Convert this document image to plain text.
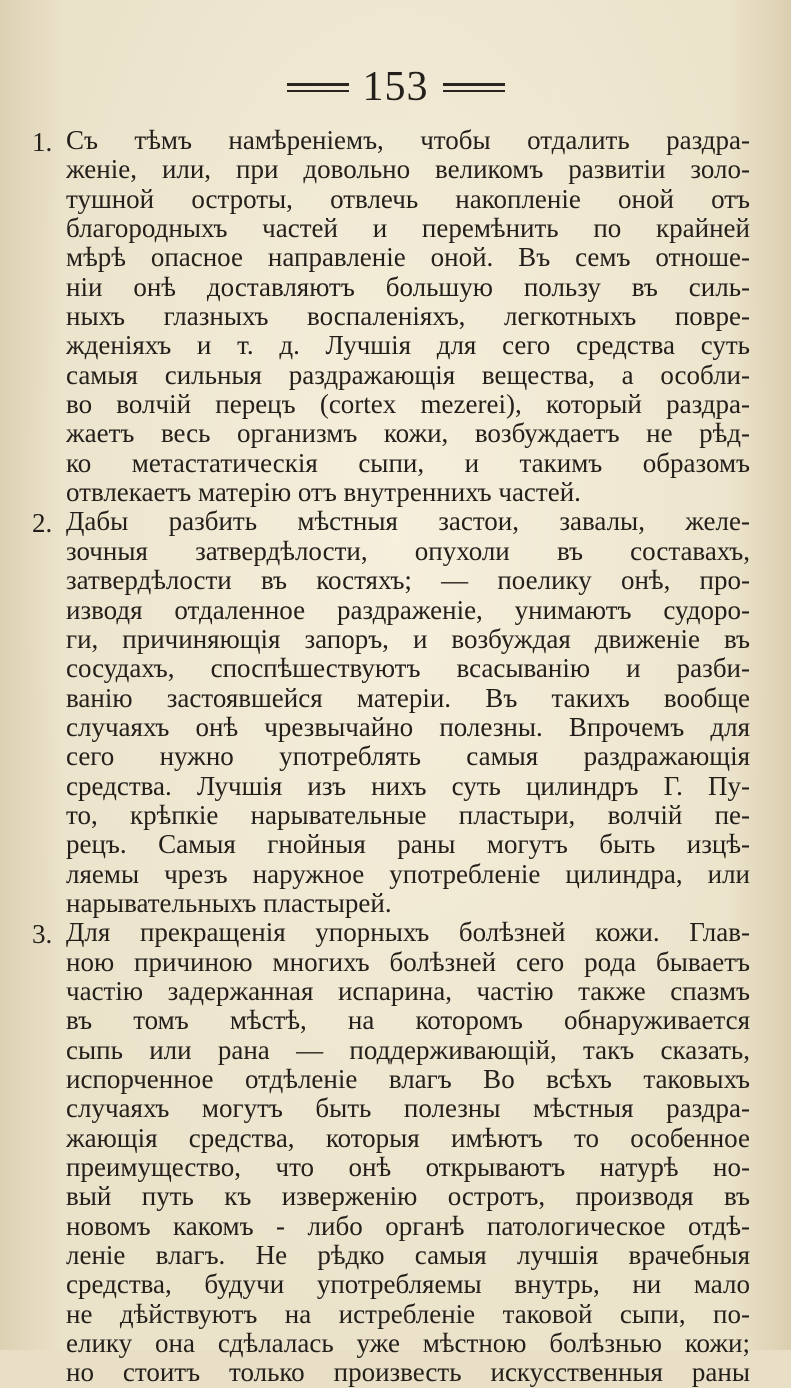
153
1. Съ тѣмъ намѣреніемъ, чтобы отдалить раздра-
женіе, или, при довольно великомъ развитіи золо-
тушной остроты, отвлечь накопленіе оной отъ
благородныхъ частей и перемѣнить по крайней
мѣрѣ опасное направленіе оной. Въ семъ отноше-
ніи онѣ доставляютъ большую пользу въ силь-
ныхъ глазныхъ воспаленіяхъ, легкотныхъ повре-
жденіяхъ и т. д. Лучшія для сего средства суть
самыя сильныя раздражающія вещества, а особли-
во волчій перецъ (cortex mezerei), который раздра-
жаетъ весь организмъ кожи, возбуждаетъ не рѣд-
ко метастатическія сыпи, и такимъ образомъ
отвлекаетъ матерію отъ внутреннихъ частей.
2. Дабы разбить мѣстныя застои, завалы, желе-
зочныя затвердѣлости, опухоли въ составахъ,
затвердѣлости въ костяхъ; — поелику онѣ, про-
изводя отдаленное раздраженіе, унимаютъ судоро-
ги, причиняющія запоръ, и возбуждая движеніе въ
сосудахъ, споспѣшествуютъ всасыванію и разби-
ванію застоявшейся матеріи. Въ такихъ вообще
случаяхъ онѣ чрезвычайно полезны. Впрочемъ для
сего нужно употреблять самыя раздражающія
средства. Лучшія изъ нихъ суть цилиндръ Г. Пу-
то, крѣпкіе нарывательные пластыри, волчій пе-
рецъ. Самыя гнойныя раны могутъ быть изцѣ-
ляемы чрезъ наружное употребленіе цилиндра, или
нарывательныхъ пластырей.
3. Для прекращенія упорныхъ болѣзней кожи. Глав-
ною причиною многихъ болѣзней сего рода бываетъ
частію задержанная испарина, частію также спазмъ
въ томъ мѣстѣ, на которомъ обнаруживается
сыпь или рана — поддерживающій, такъ сказать,
испорченное отдѣленіе влагъ Во всѣхъ таковыхъ
случаяхъ могутъ быть полезны мѣстныя раздра-
жающія средства, которыя имѣютъ то особенное
преимущество, что онѣ открываютъ натурѣ но-
вый путь къ изверженію остротъ, производя въ
новомъ какомъ - либо органѣ патологическое отдѣ-
леніе влагъ. Не рѣдко самыя лучшія врачебныя
средства, будучи употребляемы внутрь, ни мало
не дѣйствуютъ на истребленіе таковой сыпи, по-
елику она сдѣлалась уже мѣстною болѣзнью кожи;
но стоитъ только произвесть искусственныя раны
